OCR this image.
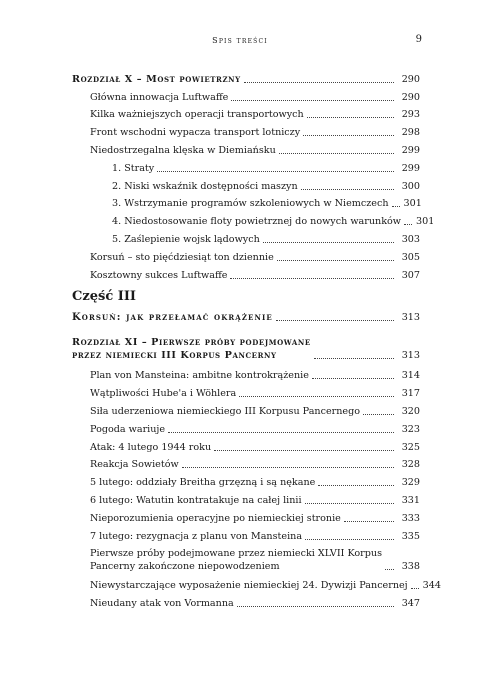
Spis treści	9
Rozdział X – Most powietrzny	290
Główna innowacja Luftwaffe	290
Kilka ważniejszych operacji transportowych	293
Front wschodni wypacza transport lotniczy	298
Niedostrzegalna klęska w Diemiańsku	299
1. Straty	299
2. Niski wskaźnik dostępności maszyn	300
3. Wstrzymanie programów szkoleniowych w Niemczech 301
4. Niedostosowanie floty powietrznej do nowych warunków 301
5. Zaślepienie wojsk lądowych	303
Korsuń – sto pięćdziesiąt ton dziennie	305
Kosztowny sukces Luftwaffe	307
Część III
Korsuń: jak przełamać okrążenie	313
Rozdział XI – Pierwsze próby podejmowane
przez niemiecki III Korpus Pancerny	313
Plan von Mansteina: ambitne kontrokrążenie	314
Wątpliwości Hube'a i Wöhlera	317
Siła uderzeniowa niemieckiego III Korpusu Pancernego	320
Pogoda wariuje	323
Atak: 4 lutego 1944 roku	325
Reakcja Sowietów	328
5 lutego: oddziały Breitha grzęzną i są nękane	329
6 lutego: Watutin kontratakuje na całej linii	331
Nieporozumienia operacyjne po niemieckiej stronie	333
7 lutego: rezygnacja z planu von Mansteina	335
Pierwsze próby podejmowane przez niemiecki XLVII Korpus
Pancerny zakończone niepowodzeniem	338
Niewystarczające wyposażenie niemieckiej 24. Dywizji Pancernej 344
Nieudany atak von Vormanna	347
